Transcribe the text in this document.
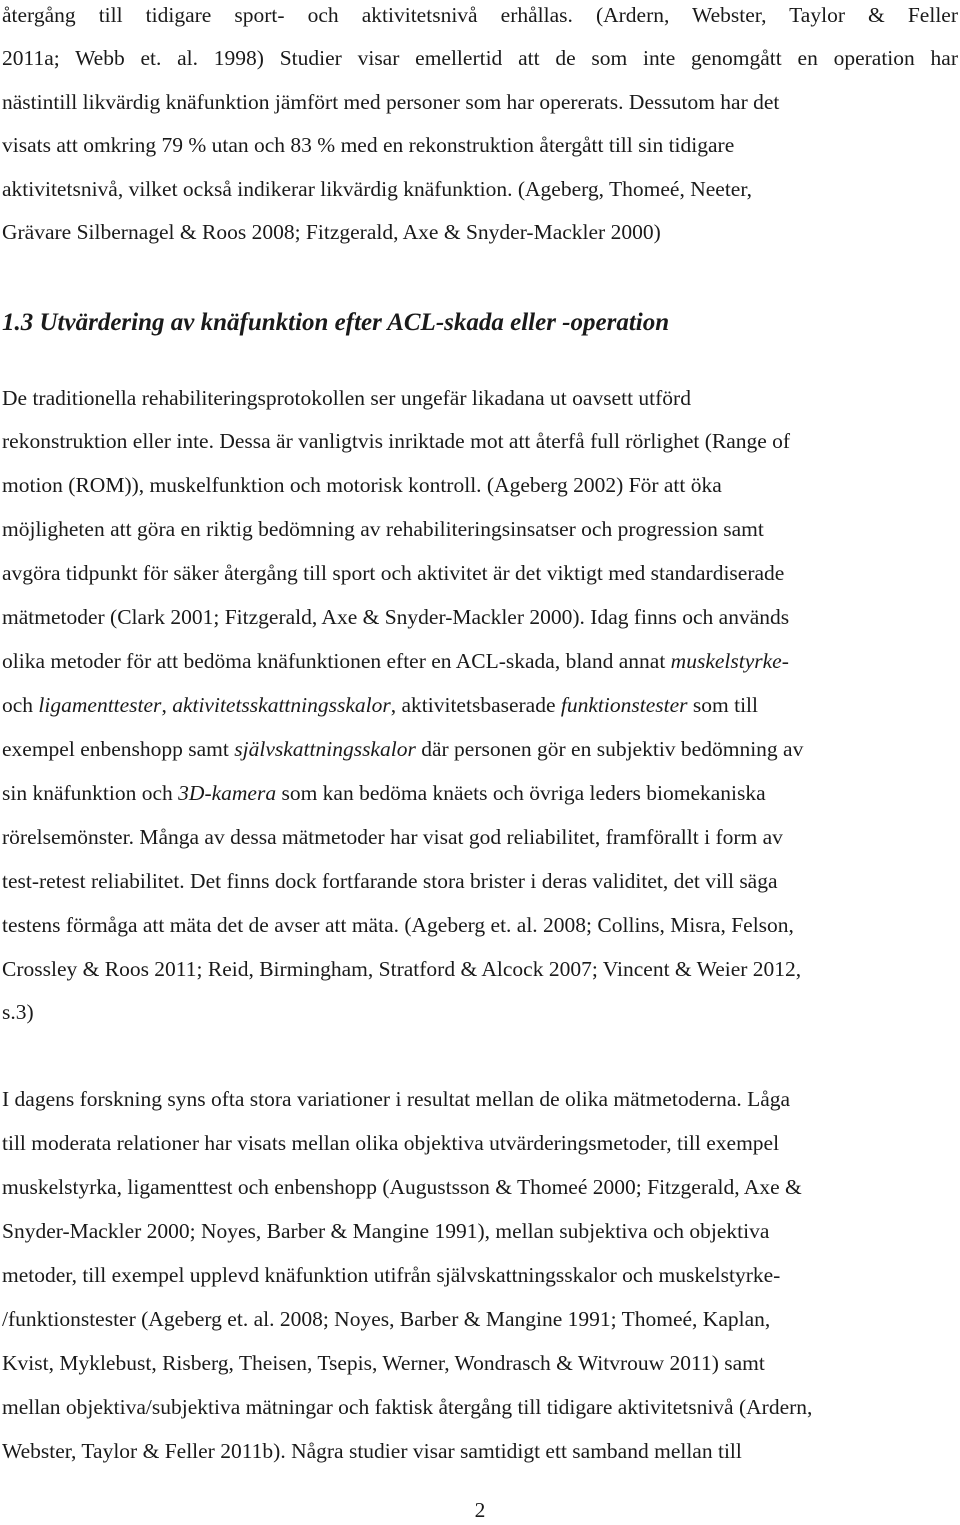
återgång till tidigare sport- och aktivitetsnivå erhållas. (Ardern, Webster, Taylor & Feller
2011a; Webb et. al. 1998) Studier visar emellertid att de som inte genomgått en operation har
nästintill likvärdig knäfunktion jämfört med personer som har opererats. Dessutom har det
visats att omkring 79 % utan och 83 % med en rekonstruktion återgått till sin tidigare
aktivitetsnivå, vilket också indikerar likvärdig knäfunktion. (Ageberg, Thomeé, Neeter,
Grävare Silbernagel & Roos 2008; Fitzgerald, Axe & Snyder-Mackler 2000)
1.3 Utvärdering av knäfunktion efter ACL-skada eller -operation
De traditionella rehabiliteringsprotokollen ser ungefär likadana ut oavsett utförd
rekonstruktion eller inte. Dessa är vanligtvis inriktade mot att återfå full rörlighet (Range of
motion (ROM)), muskelfunktion och motorisk kontroll. (Ageberg 2002) För att öka
möjligheten att göra en riktig bedömning av rehabiliteringsinsatser och progression samt
avgöra tidpunkt för säker återgång till sport och aktivitet är det viktigt med standardiserade
mätmetoder (Clark 2001; Fitzgerald, Axe & Snyder-Mackler 2000). Idag finns och används
olika metoder för att bedöma knäfunktionen efter en ACL-skada, bland annat muskelstyrke-
och ligamenttester, aktivitetsskattningsskalor, aktivitetsbaserade funktionstester som till
exempel enbenshopp samt självskattningsskalor där personen gör en subjektiv bedömning av
sin knäfunktion och 3D-kamera som kan bedöma knäets och övriga leders biomekaniska
rörelsemönster. Många av dessa mätmetoder har visat god reliabilitet, framförallt i form av
test-retest reliabilitet. Det finns dock fortfarande stora brister i deras validitet, det vill säga
testens förmåga att mäta det de avser att mäta. (Ageberg et. al. 2008; Collins, Misra, Felson,
Crossley & Roos 2011; Reid, Birmingham, Stratford & Alcock 2007; Vincent & Weier 2012,
s.3)
I dagens forskning syns ofta stora variationer i resultat mellan de olika mätmetoderna. Låga
till moderata relationer har visats mellan olika objektiva utvärderingsmetoder, till exempel
muskelstyrka, ligamenttest och enbenshopp (Augustsson & Thomeé 2000; Fitzgerald, Axe &
Snyder-Mackler 2000; Noyes, Barber & Mangine 1991), mellan subjektiva och objektiva
metoder, till exempel upplevd knäfunktion utifrån självskattningsskalor och muskelstyrke-
/funktionstester (Ageberg et. al. 2008; Noyes, Barber & Mangine 1991; Thomeé, Kaplan,
Kvist, Myklebust, Risberg, Theisen, Tsepis, Werner, Wondrasch & Witvrouw 2011) samt
mellan objektiva/subjektiva mätningar och faktisk återgång till tidigare aktivitetsnivå (Ardern,
Webster, Taylor & Feller 2011b). Några studier visar samtidigt ett samband mellan till
2
